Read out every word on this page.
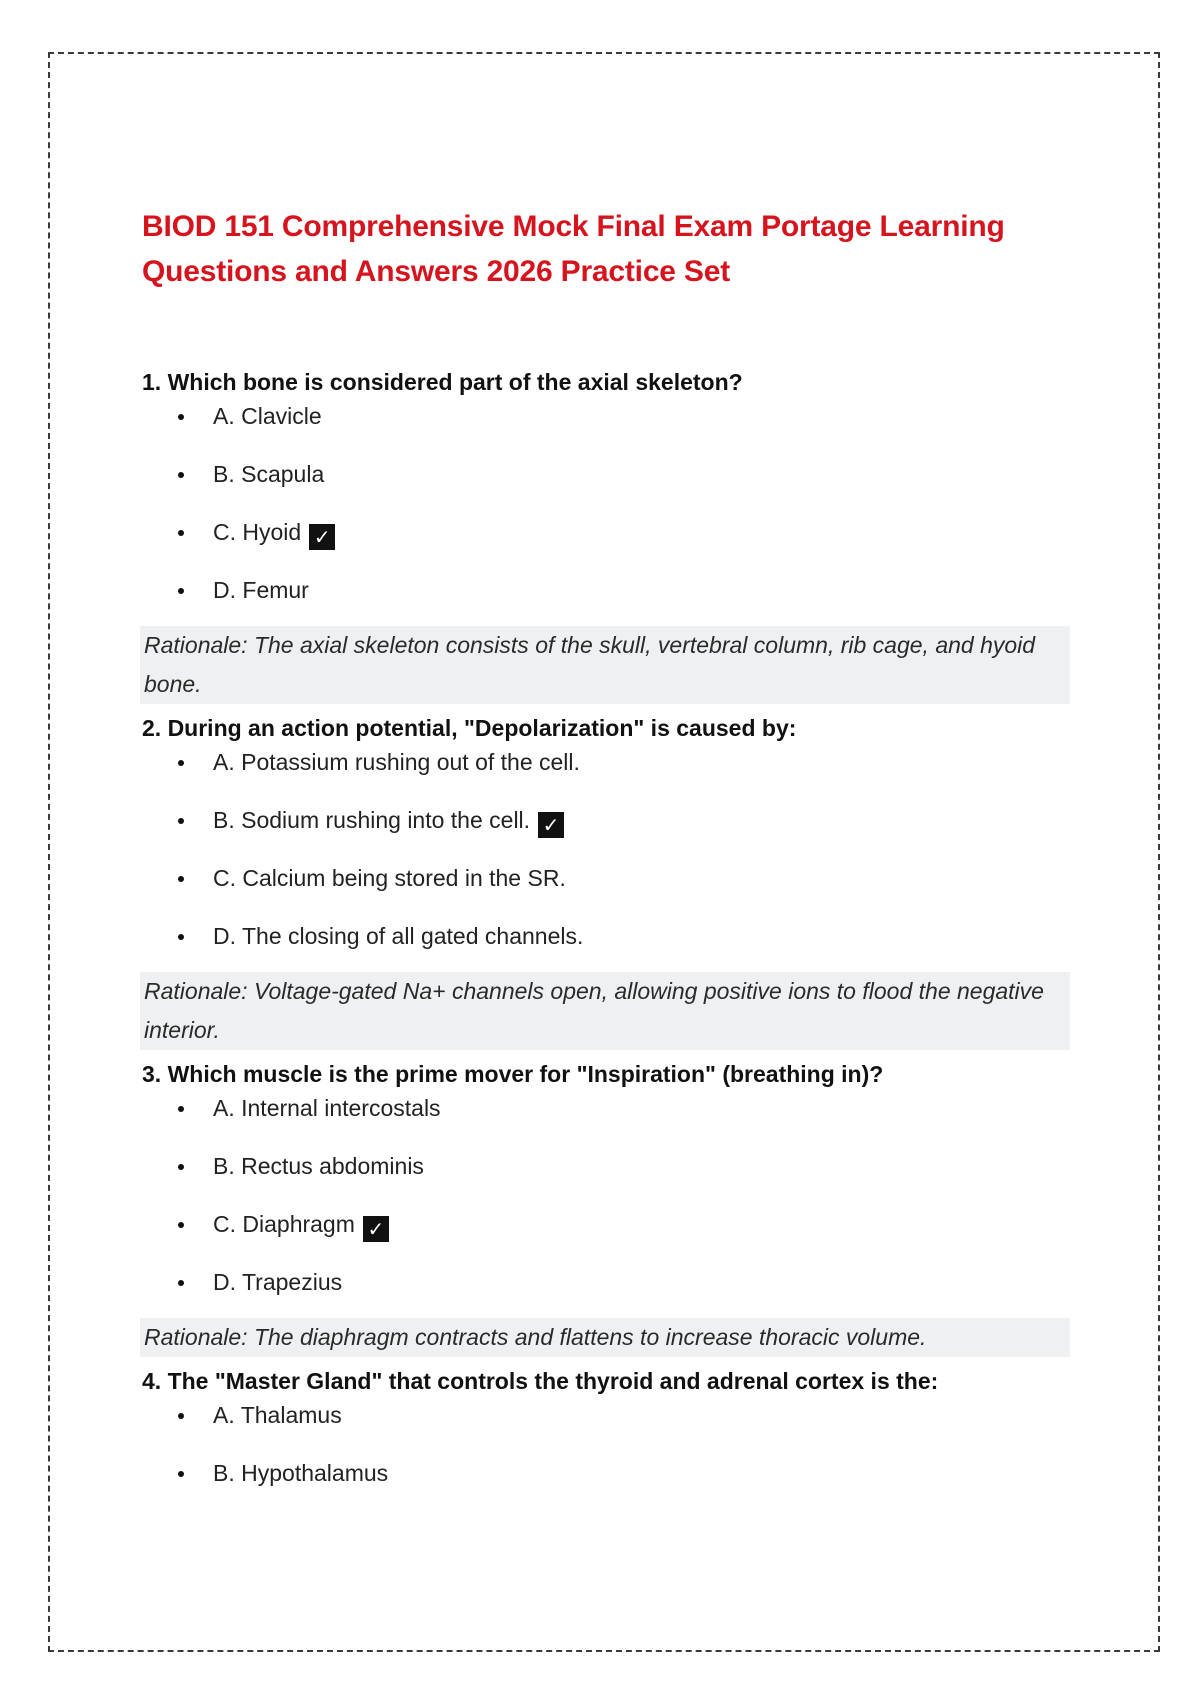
BIOD 151 Comprehensive Mock Final Exam Portage Learning
Questions and Answers 2026 Practice Set

1. Which bone is considered part of the axial skeleton?

A. Clavicle
B. Scapula
C. Hyoid ✓
D. Femur
Rationale: The axial skeleton consists of the skull, vertebral column, rib cage, and hyoid bone.

2. During an action potential, "Depolarization" is caused by:

A. Potassium rushing out of the cell.
B. Sodium rushing into the cell. ✓
C. Calcium being stored in the SR.
D. The closing of all gated channels.
Rationale: Voltage-gated Na+ channels open, allowing positive ions to flood the negative interior.

3. Which muscle is the prime mover for "Inspiration" (breathing in)?

A. Internal intercostals
B. Rectus abdominis
C. Diaphragm ✓
D. Trapezius
Rationale: The diaphragm contracts and flattens to increase thoracic volume.

4. The "Master Gland" that controls the thyroid and adrenal cortex is the:

A. Thalamus
B. Hypothalamus
